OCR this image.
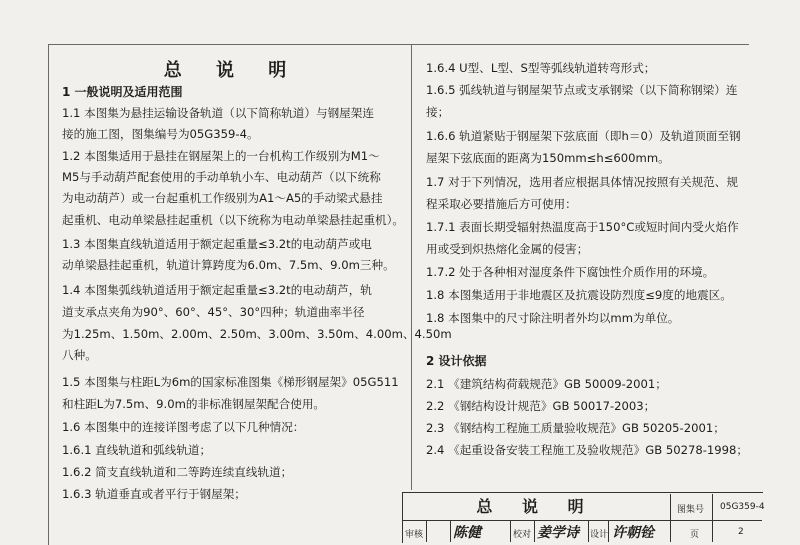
总 说 明
1 一般说明及适用范围
1.1 本图集为悬挂运输设备轨道（以下简称轨道）与钢屋架连
接的施工图，图集编号为05G359-4。
1.2 本图集适用于悬挂在钢屋架上的一台机构工作级别为M1～
M5与手动葫芦配套使用的手动单轨小车、电动葫芦（以下统称
为电动葫芦）或一台起重机工作级别为A1～A5的手动梁式悬挂
起重机、电动单梁悬挂起重机（以下统称为电动单梁悬挂起重机）。
1.3 本图集直线轨道适用于额定起重量≤3.2t的电动葫芦或电
动单梁悬挂起重机，轨道计算跨度为6.0m、7.5m、9.0m三种。
1.4 本图集弧线轨道适用于额定起重量≤3.2t的电动葫芦，轨
道支承点夹角为90°、60°、45°、30°四种；轨道曲率半径
为1.25m、1.50m、2.00m、2.50m、3.00m、3.50m、4.00m、4.50m
八种。
1.5 本图集与柱距L为6m的国家标准图集《梯形钢屋架》05G511
和柱距L为7.5m、9.0m的非标准钢屋架配合使用。
1.6 本图集中的连接详图考虑了以下几种情况：
1.6.1 直线轨道和弧线轨道；
1.6.2 简支直线轨道和二等跨连续直线轨道；
1.6.3 轨道垂直或者平行于钢屋架；
1.6.4 U型、L型、S型等弧线轨道转弯形式；
1.6.5 弧线轨道与钢屋架节点或支承钢梁（以下简称钢梁）连
接；
1.6.6 轨道紧贴于钢屋架下弦底面（即h＝0）及轨道顶面至钢
屋架下弦底面的距离为150mm≤h≤600mm。
1.7 对于下列情况，选用者应根据具体情况按照有关规范、规
程采取必要措施后方可使用：
1.7.1 表面长期受辐射热温度高于150°C或短时间内受火焰作
用或受到炽热熔化金属的侵害；
1.7.2 处于各种相对湿度条件下腐蚀性介质作用的环境。
1.8 本图集适用于非地震区及抗震设防烈度≤9度的地震区。
1.8 本图集中的尺寸除注明者外均以mm为单位。
2 设计依据
2.1 《建筑结构荷载规范》GB 50009-2001；
2.2 《钢结构设计规范》GB 50017-2003；
2.3 《钢结构工程施工质量验收规范》GB 50205-2001；
2.4 《起重设备安装工程施工及验收规范》GB 50278-1998；
总 说 明	图集号 05G359-4
审核 陈健	校对 姜学诗 设计 许朝铨	页	2
